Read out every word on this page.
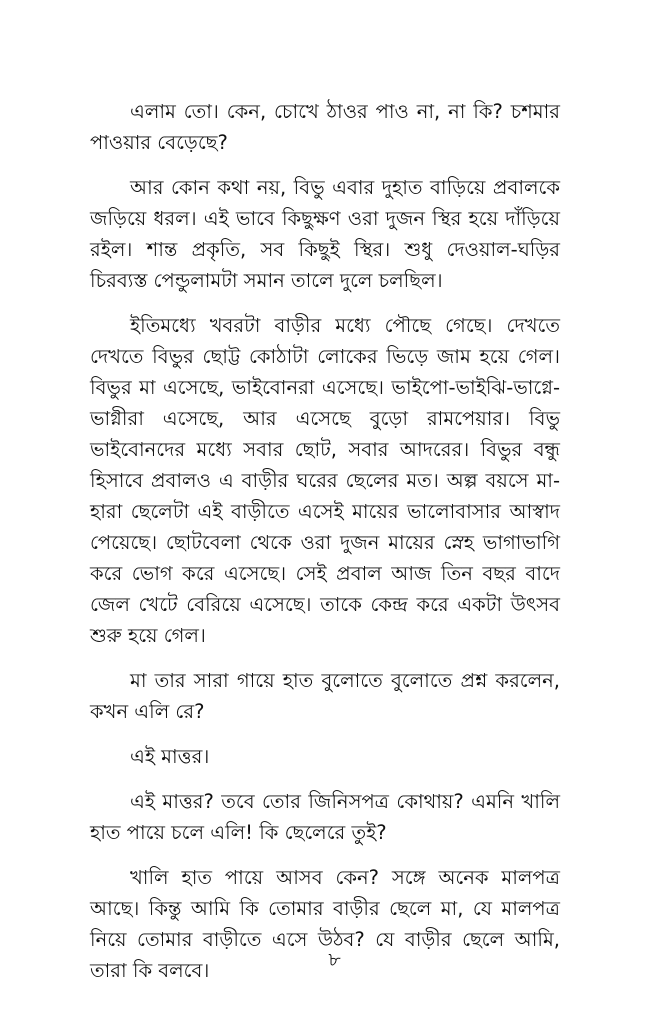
এলাম তো। কেন, চোখে ঠাওর পাও না, না কি? চশমার পাওয়ার বেড়েছে?

আর কোন কথা নয়, বিভু এবার দুহাত বাড়িয়ে প্রবালকে জড়িয়ে ধরল। এই ভাবে কিছুক্ষণ ওরা দুজন স্থির হয়ে দাঁড়িয়ে রইল। শান্ত প্রকৃতি, সব কিছুই স্থির। শুধু দেওয়াল-ঘড়ির চিরব্যস্ত পেন্ডুলামটা সমান তালে দুলে চলছিল।

ইতিমধ্যে খবরটা বাড়ীর মধ্যে পৌছে গেছে। দেখতে দেখতে বিভুর ছোট্ট কোঠাটা লোকের ভিড়ে জাম হয়ে গেল। বিভুর মা এসেছে, ভাইবোনরা এসেছে। ভাইপো-ভাইঝি-ভাগ্নে-ভাগ্নীরা এসেছে, আর এসেছে বুড়ো রামপেয়ার। বিভু ভাইবোনদের মধ্যে সবার ছোট, সবার আদরের। বিভুর বন্ধু হিসাবে প্রবালও এ বাড়ীর ঘরের ছেলের মত। অল্প বয়সে মা-হারা ছেলেটা এই বাড়ীতে এসেই মায়ের ভালোবাসার আস্বাদ পেয়েছে। ছোটবেলা থেকে ওরা দুজন মায়ের স্নেহ ভাগাভাগি করে ভোগ করে এসেছে। সেই প্রবাল আজ তিন বছর বাদে জেল খেটে বেরিয়ে এসেছে। তাকে কেন্দ্র করে একটা উৎসব শুরু হয়ে গেল।

মা তার সারা গায়ে হাত বুলোতে বুলোতে প্রশ্ন করলেন, কখন এলি রে?

এই মাত্তর।

এই মাত্তর? তবে তোর জিনিসপত্র কোথায়? এমনি খালি হাত পায়ে চলে এলি! কি ছেলেরে তুই?

খালি হাত পায়ে আসব কেন? সঙ্গে অনেক মালপত্র আছে। কিন্তু আমি কি তোমার বাড়ীর ছেলে মা, যে মালপত্র নিয়ে তোমার বাড়ীতে এসে উঠব? যে বাড়ীর ছেলে আমি, তারা কি বলবে।	৮
